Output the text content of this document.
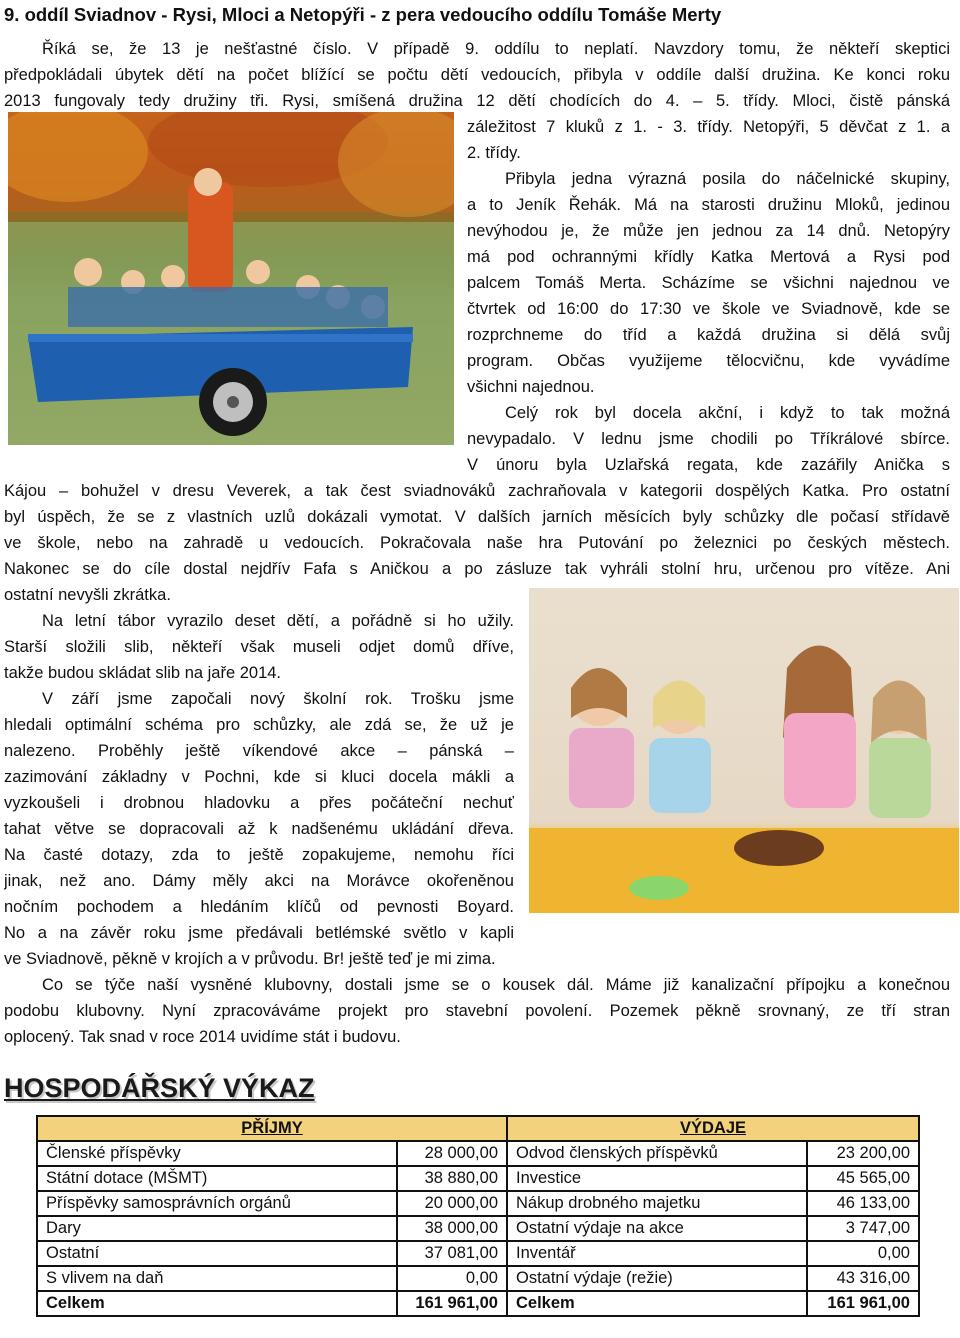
9. oddíl Sviadnov - Rysi, Mloci a Netopýři - z pera vedoucího oddílu Tomáše Merty
Říká se, že 13 je nešťastné číslo. V případě 9. oddílu to neplatí. Navzdory tomu, že někteří skeptici
předpokládali úbytek dětí na počet blížící se počtu dětí vedoucích, přibyla v oddíle další družina. Ke konci roku
2013 fungovaly tedy družiny tři. Rysi, smíšená družina 12 dětí chodících do 4. – 5. třídy. Mloci, čistě pánská
záležitost 7 kluků z 1. - 3. třídy. Netopýři, 5 děvčat z 1. a
2. třídy.
Přibyla jedna výrazná posila do náčelnické skupiny,
a to Jeník Řehák. Má na starosti družinu Mloků, jedinou
nevýhodou je, že může jen jednou za 14 dnů. Netopýry
má pod ochrannými křídly Katka Mertová a Rysi pod
palcem Tomáš Merta. Scházíme se všichni najednou ve
čtvrtek od 16:00 do 17:30 ve škole ve Sviadnově, kde se
rozprchneme do tříd a každá družina si dělá svůj
program. Občas využijeme tělocvičnu, kde vyvádíme
všichni najednou.
Celý rok byl docela akční, i když to tak možná
nevypadalo. V lednu jsme chodili po Tříkrálové sbírce.
V únoru byla Uzlařská regata, kde zazářily Anička s
Kájou – bohužel v dresu Veverek, a tak čest sviadnováků zachraňovala v kategorii dospělých Katka. Pro ostatní
byl úspěch, že se z vlastních uzlů dokázali vymotat. V dalších jarních měsících byly schůzky dle počasí střídavě
ve škole, nebo na zahradě u vedoucích. Pokračovala naše hra Putování po železnici po českých městech.
Nakonec se do cíle dostal nejdřív Fafa s Aničkou a po zásluze tak vyhráli stolní hru, určenou pro vítěze. Ani
ostatní nevyšli zkrátka.
Na letní tábor vyrazilo deset dětí, a pořádně si ho užily.
Starší složili slib, někteří však museli odjet domů dříve,
takže budou skládat slib na jaře 2014.
V září jsme započali nový školní rok. Trošku jsme
hledali optimální schéma pro schůzky, ale zdá se, že už je
nalezeno. Proběhly ještě víkendové akce – pánská –
zazimování základny v Pochni, kde si kluci docela mákli a
vyzkoušeli i drobnou hladovku a přes počáteční nechuť
tahat větve se dopracovali až k nadšenému ukládání dřeva.
Na časté dotazy, zda to ještě zopakujeme, nemohu říci
jinak, než ano. Dámy měly akci na Morávce okořeněnou
nočním pochodem a hledáním klíčů od pevnosti Boyard.
No a na závěr roku jsme předávali betlémské světlo v kapli
ve Sviadnově, pěkně v krojích a v průvodu. Br! ještě teď je mi zima.
Co se týče naší vysněné klubovny, dostali jsme se o kousek dál. Máme již kanalizační přípojku a konečnou
podobu klubovny. Nyní zpracováváme projekt pro stavební povolení. Pozemek pěkně srovnaný, ze tří stran
oplocený. Tak snad v roce 2014 uvidíme stát i budovu.
HOSPODÁŘSKÝ VÝKAZ
PŘÍJMY		VÝDAJE	
Členské příspěvky	28 000,00	Odvod členských příspěvků	23 200,00
Státní dotace (MŠMT)	38 880,00	Investice	45 565,00
Příspěvky samosprávních orgánů	20 000,00	Nákup drobného majetku	46 133,00
Dary	38 000,00	Ostatní výdaje na akce	3 747,00
Ostatní	37 081,00	Inventář	0,00
S vlivem na daň	0,00	Ostatní výdaje (režie)	43 316,00
Celkem	161 961,00	Celkem	161 961,00
